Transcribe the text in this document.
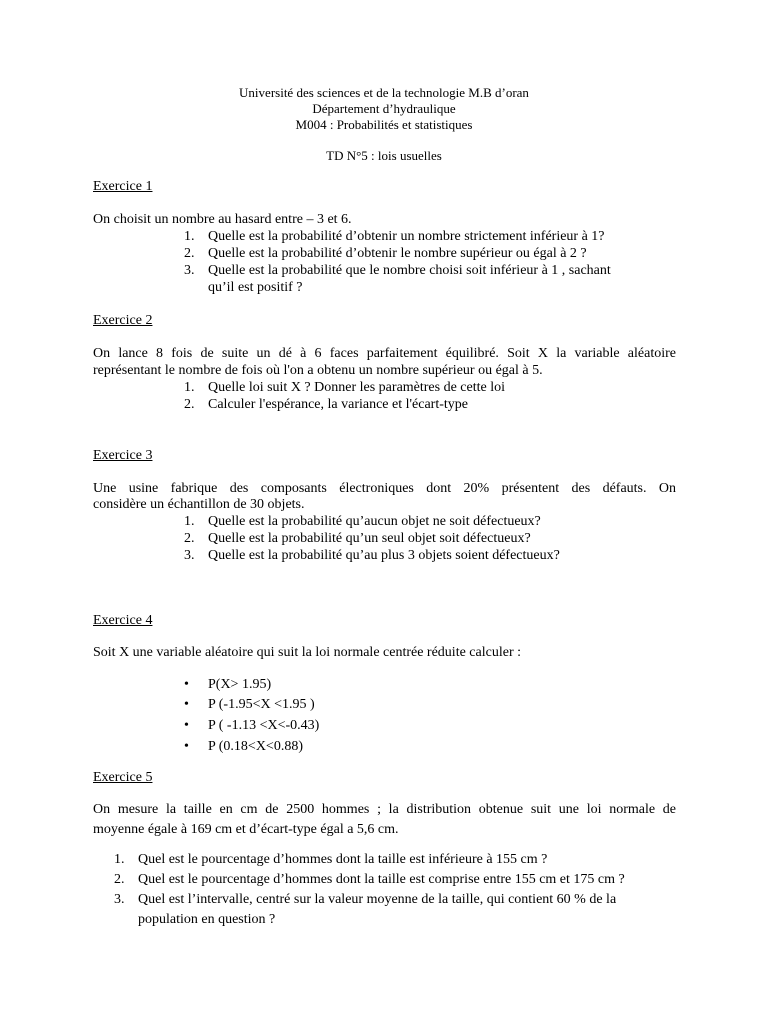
Université des sciences et de la technologie M.B d’oran
Département d’hydraulique
M004 : Probabilités et statistiques
TD N°5 : lois usuelles
Exercice 1
On choisit un nombre au hasard entre – 3 et 6.
1. Quelle est la probabilité d’obtenir un nombre strictement inférieur à 1?
2. Quelle est la probabilité d’obtenir le nombre supérieur ou égal à 2 ?
3. Quelle est la probabilité que le nombre choisi soit inférieur à 1 , sachant
qu’il est positif ?
Exercice 2
On lance 8 fois de suite un dé à 6 faces parfaitement équilibré. Soit X la variable aléatoire
représentant le nombre de fois où l'on a obtenu un nombre supérieur ou égal à 5.
1. Quelle loi suit X ? Donner les paramètres de cette loi
2. Calculer l'espérance, la variance et l'écart-type
Exercice 3
Une usine fabrique des composants électroniques dont 20% présentent des défauts. On
considère un échantillon de 30 objets.
1. Quelle est la probabilité qu’aucun objet ne soit défectueux?
2. Quelle est la probabilité qu’un seul objet soit défectueux?
3. Quelle est la probabilité qu’au plus 3 objets soient défectueux?
Exercice 4
Soit X une variable aléatoire qui suit la loi normale centrée réduite calculer :
• P(X> 1.95)
• P (-1.95<X <1.95 )
• P ( -1.13 <X<-0.43)
• P (0.18<X<0.88)
Exercice 5
On mesure la taille en cm de 2500 hommes ; la distribution obtenue suit une loi normale de
moyenne égale à 169 cm et d’écart-type égal a 5,6 cm.
1. Quel est le pourcentage d’hommes dont la taille est inférieure à 155 cm ?
2. Quel est le pourcentage d’hommes dont la taille est comprise entre 155 cm et 175 cm ?
3. Quel est l’intervalle, centré sur la valeur moyenne de la taille, qui contient 60 % de la
population en question ?
